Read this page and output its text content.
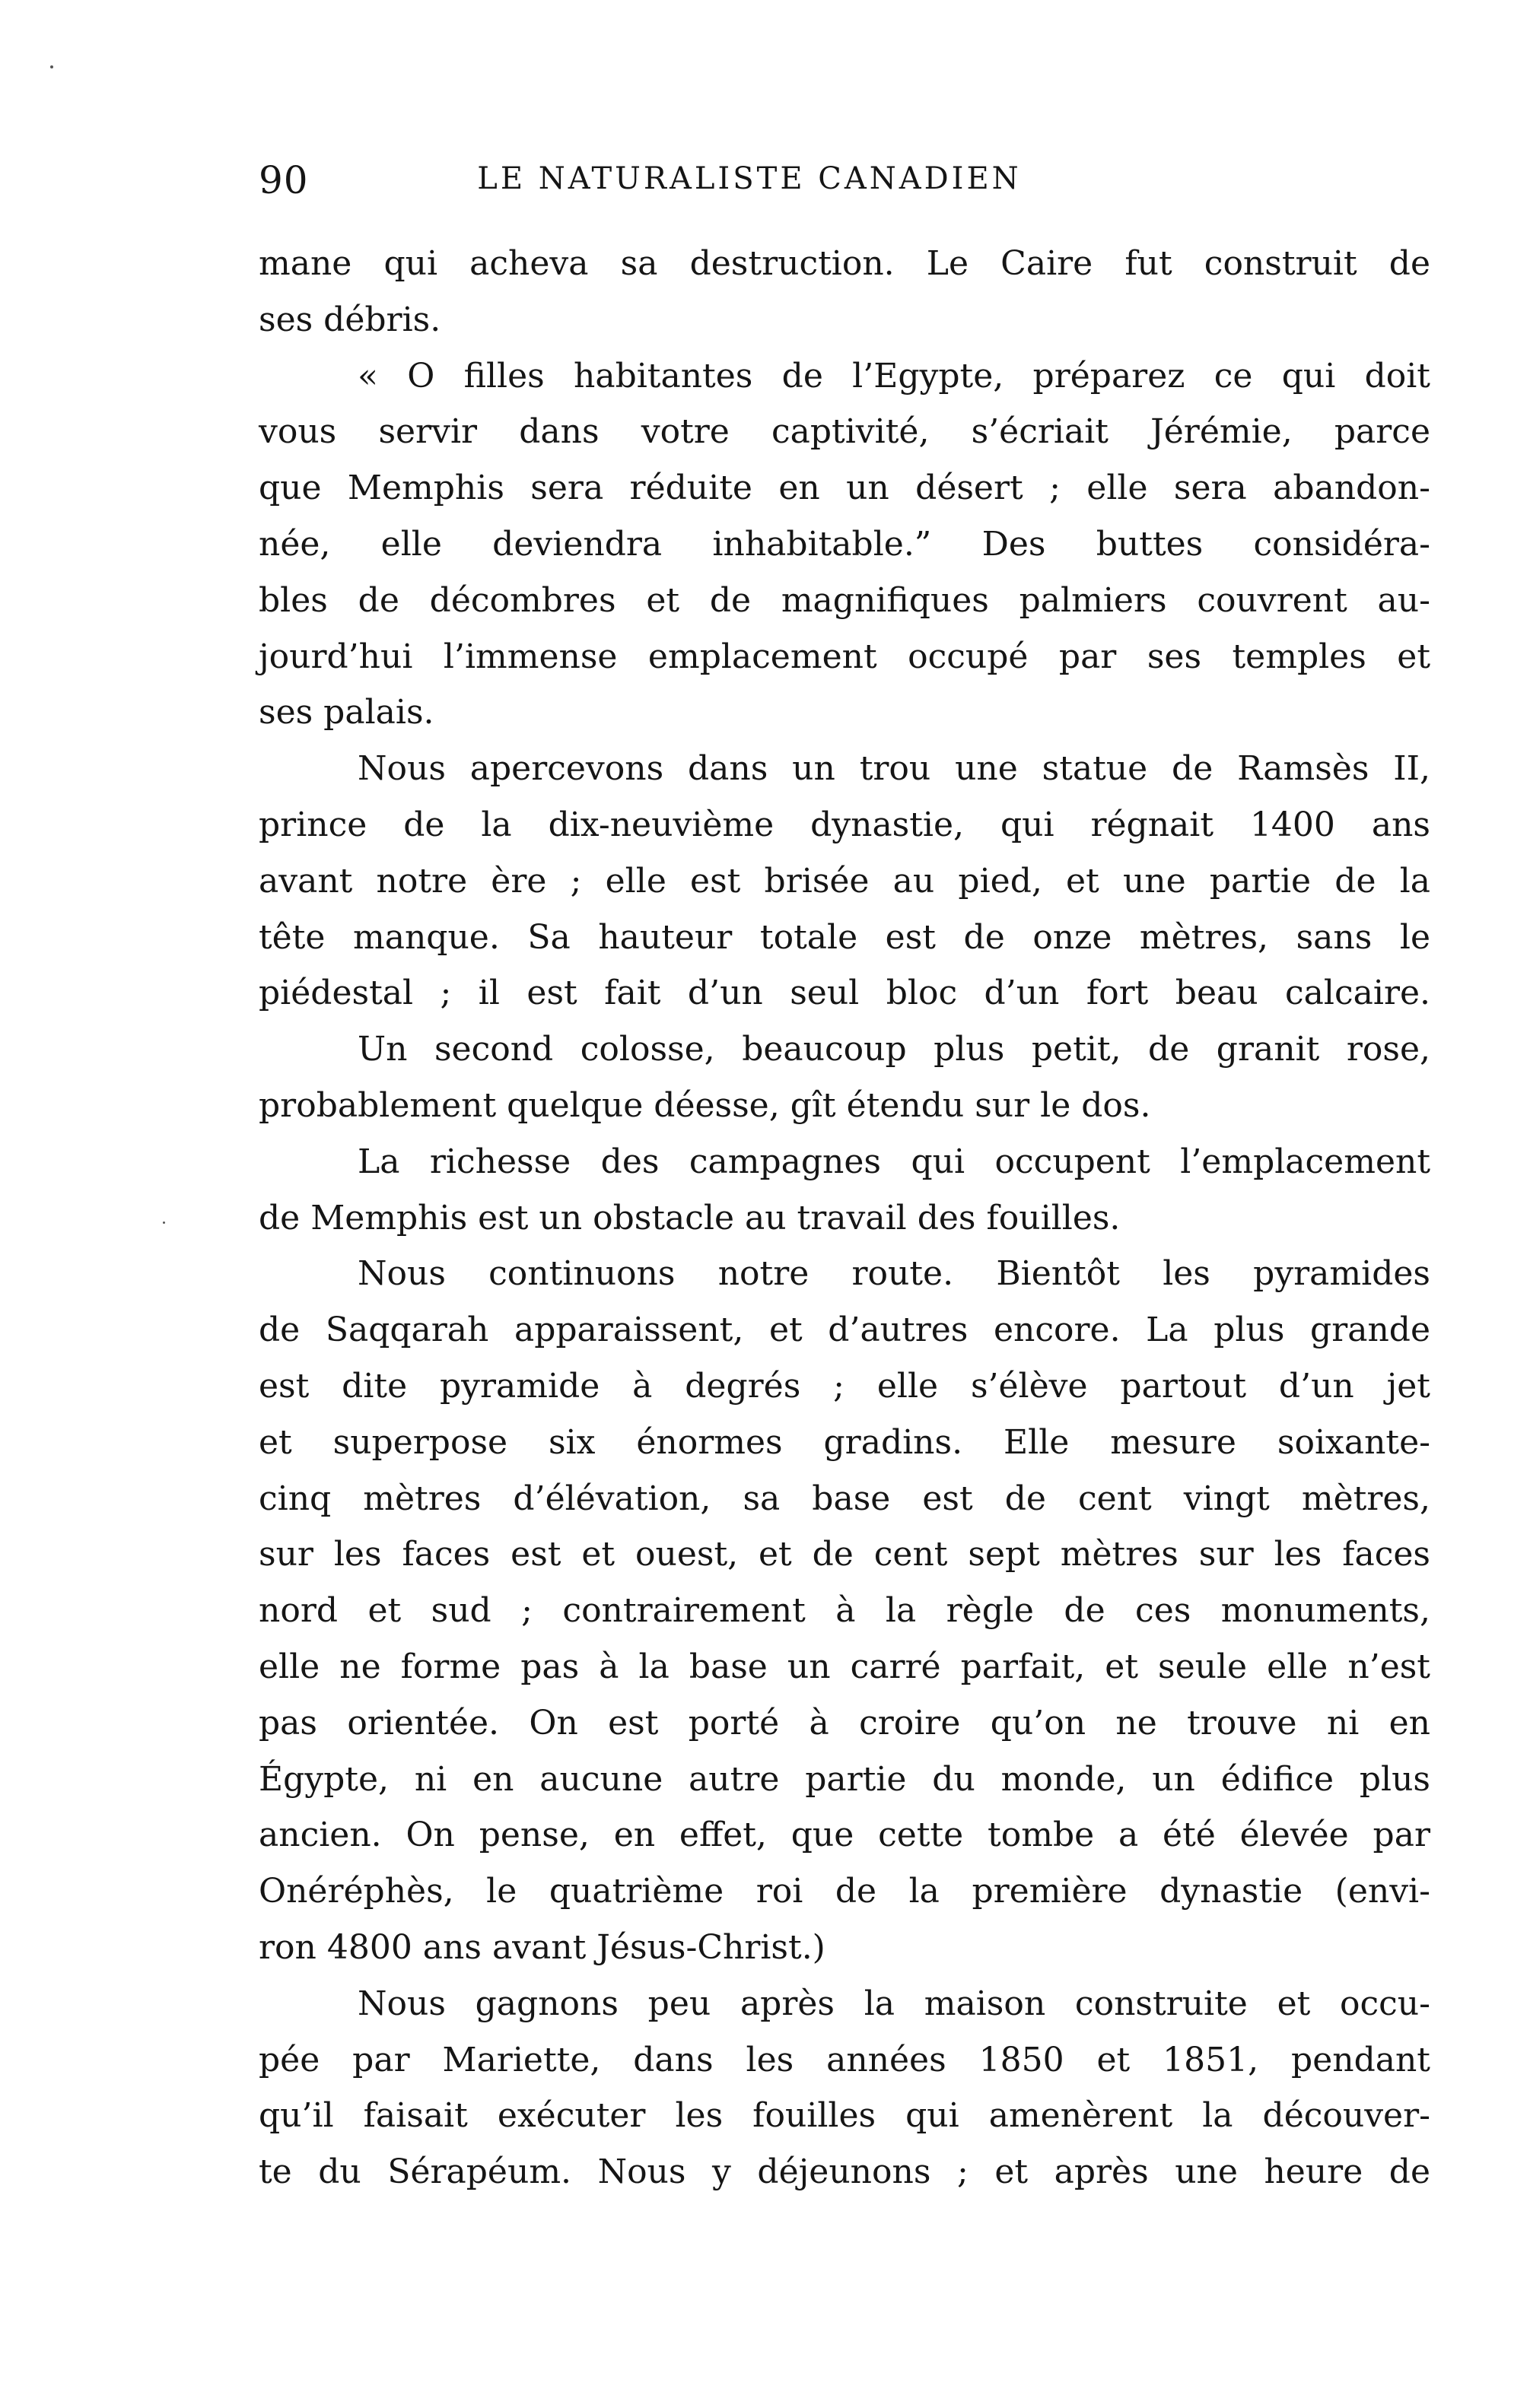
90	LE NATURALISTE CANADIEN
mane qui acheva sa destruction. Le Caire fut construit de
ses débris.
« O filles habitantes de l’Egypte, préparez ce qui doit
vous servir dans votre captivité, s’écriait Jérémie, parce
que Memphis sera réduite en un désert ; elle sera abandon-
née, elle deviendra inhabitable.” Des buttes considéra-
bles de décombres et de magnifiques palmiers couvrent au-
jourd’hui l’immense emplacement occupé par ses temples et
ses palais.
Nous apercevons dans un trou une statue de Ramsès II,
prince de la dix-neuvième dynastie, qui régnait 1400 ans
avant notre ère ; elle est brisée au pied, et une partie de la
tête manque. Sa hauteur totale est de onze mètres, sans le
piédestal ; il est fait d’un seul bloc d’un fort beau calcaire.
Un second colosse, beaucoup plus petit, de granit rose,
probablement quelque déesse, gît étendu sur le dos.
La richesse des campagnes qui occupent l’emplacement
de Memphis est un obstacle au travail des fouilles.
Nous continuons notre route. Bientôt les pyramides
de Saqqarah apparaissent, et d’autres encore. La plus grande
est dite pyramide à degrés ; elle s’élève partout d’un jet
et superpose six énormes gradins. Elle mesure soixante-
cinq mètres d’élévation, sa base est de cent vingt mètres,
sur les faces est et ouest, et de cent sept mètres sur les faces
nord et sud ; contrairement à la règle de ces monuments,
elle ne forme pas à la base un carré parfait, et seule elle n’est
pas orientée. On est porté à croire qu’on ne trouve ni en
Égypte, ni en aucune autre partie du monde, un édifice plus
ancien. On pense, en effet, que cette tombe a été élevée par
Onéréphès, le quatrième roi de la première dynastie (envi-
ron 4800 ans avant Jésus-Christ.)
Nous gagnons peu après la maison construite et occu-
pée par Mariette, dans les années 1850 et 1851, pendant
qu’il faisait exécuter les fouilles qui amenèrent la découver-
te du Sérapéum. Nous y déjeunons ; et après une heure de
